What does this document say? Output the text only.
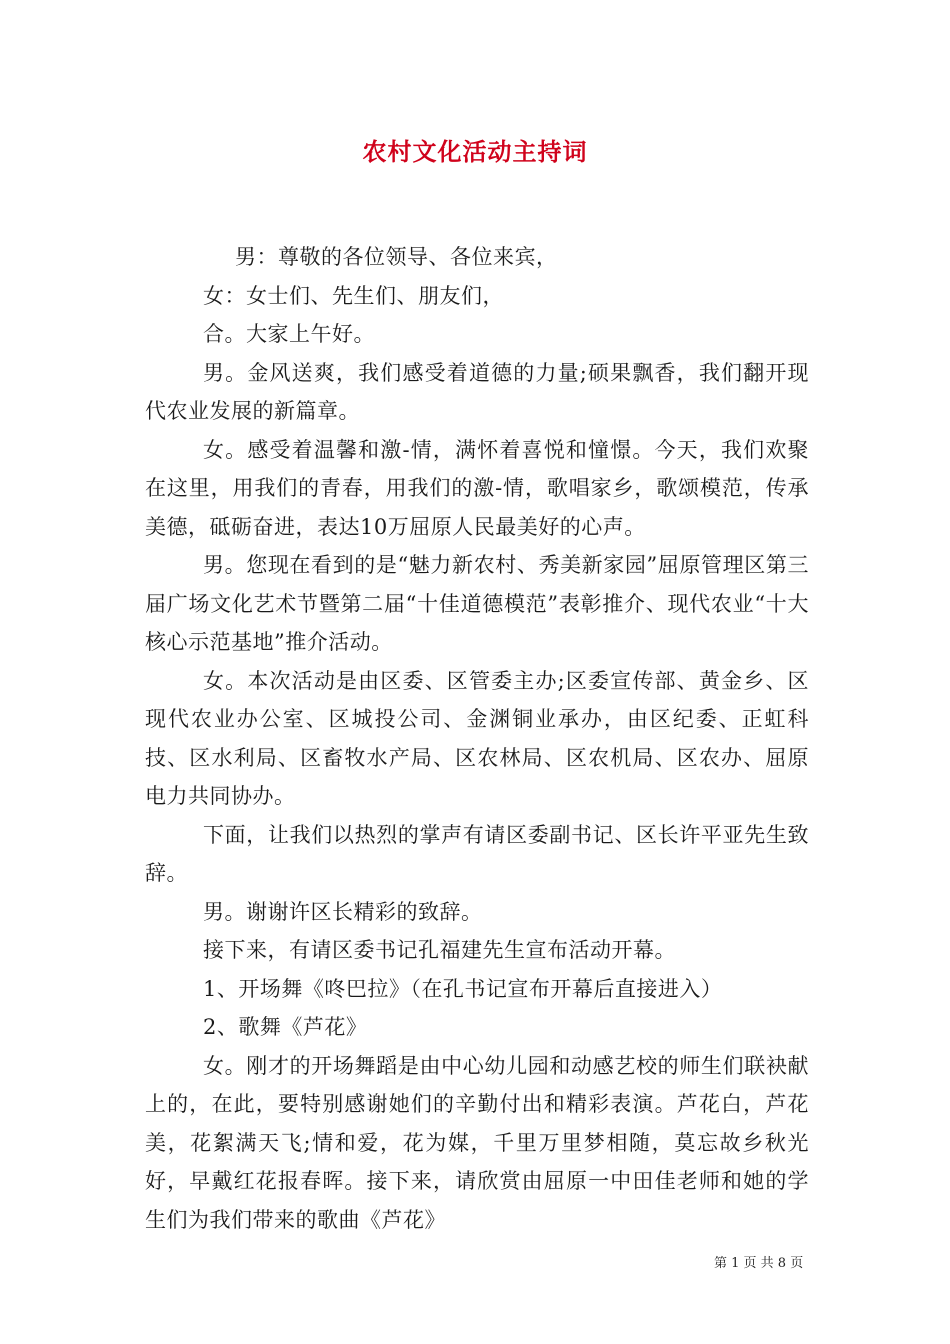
农村文化活动主持词

男：尊敬的各位领导、各位来宾，

女：女士们、先生们、朋友们，

合。大家上午好。

男。金风送爽，我们感受着道德的力量;硕果飘香，我们翻开现代农业发展的新篇章。

女。感受着温馨和激-情，满怀着喜悦和憧憬。今天，我们欢聚在这里，用我们的青春，用我们的激-情，歌唱家乡，歌颂模范，传承美德，砥砺奋进，表达10万屈原人民最美好的心声。

男。您现在看到的是“魅力新农村、秀美新家园”屈原管理区第三届广场文化艺术节暨第二届“十佳道德模范”表彰推介、现代农业“十大核心示范基地”推介活动。

女。本次活动是由区委、区管委主办;区委宣传部、黄金乡、区现代农业办公室、区城投公司、金渊铜业承办，由区纪委、正虹科技、区水利局、区畜牧水产局、区农林局、区农机局、区农办、屈原电力共同协办。

下面，让我们以热烈的掌声有请区委副书记、区长许平亚先生致辞。

男。谢谢许区长精彩的致辞。

接下来，有请区委书记孔福建先生宣布活动开幕。

1、开场舞《咚巴拉》（在孔书记宣布开幕后直接进入）

2、歌舞《芦花》

女。刚才的开场舞蹈是由中心幼儿园和动感艺校的师生们联袂献上的，在此，要特别感谢她们的辛勤付出和精彩表演。芦花白，芦花美，花絮满天飞;情和爱，花为媒，千里万里梦相随，莫忘故乡秋光好，早戴红花报春晖。接下来，请欣赏由屈原一中田佳老师和她的学生们为我们带来的歌曲《芦花》

第 1 页 共 8 页
